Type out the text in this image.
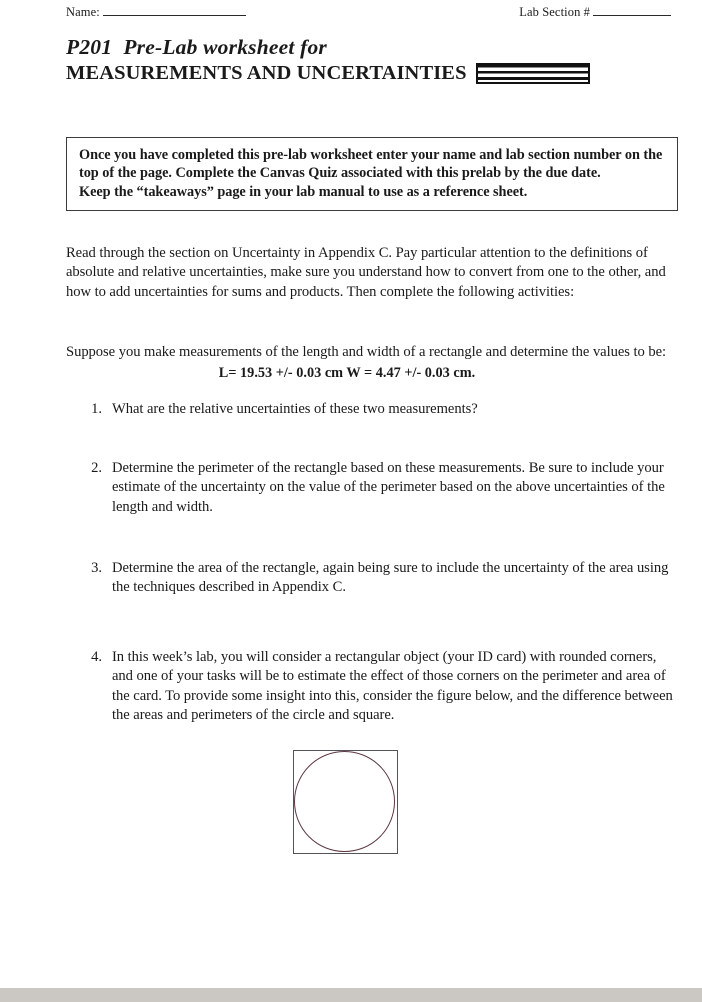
Name:	Lab Section #
P201  Pre-Lab worksheet for
MEASUREMENTS AND UNCERTAINTIES

Once you have completed this pre-lab worksheet enter your name and lab section number on the top of the page. Complete the Canvas Quiz associated with this prelab by the due date.

Keep the “takeaways” page in your lab manual to use as a reference sheet.

Read through the section on Uncertainty in Appendix C. Pay particular attention to the definitions of absolute and relative uncertainties, make sure you understand how to convert from one to the other, and how to add uncertainties for sums and products. Then complete the following activities:
Suppose you make measurements of the length and width of a rectangle and determine the values to be:
L= 19.53 +/- 0.03 cm W = 4.47 +/- 0.03 cm.
1. What are the relative uncertainties of these two measurements?
2. Determine the perimeter of the rectangle based on these measurements. Be sure to include your estimate of the uncertainty on the value of the perimeter based on the above uncertainties of the length and width.
3. Determine the area of the rectangle, again being sure to include the uncertainty of the area using the techniques described in Appendix C.
4. In this week’s lab, you will consider a rectangular object (your ID card) with rounded corners, and one of your tasks will be to estimate the effect of those corners on the perimeter and area of the card. To provide some insight into this, consider the figure below, and the difference between the areas and perimeters of the circle and square.
